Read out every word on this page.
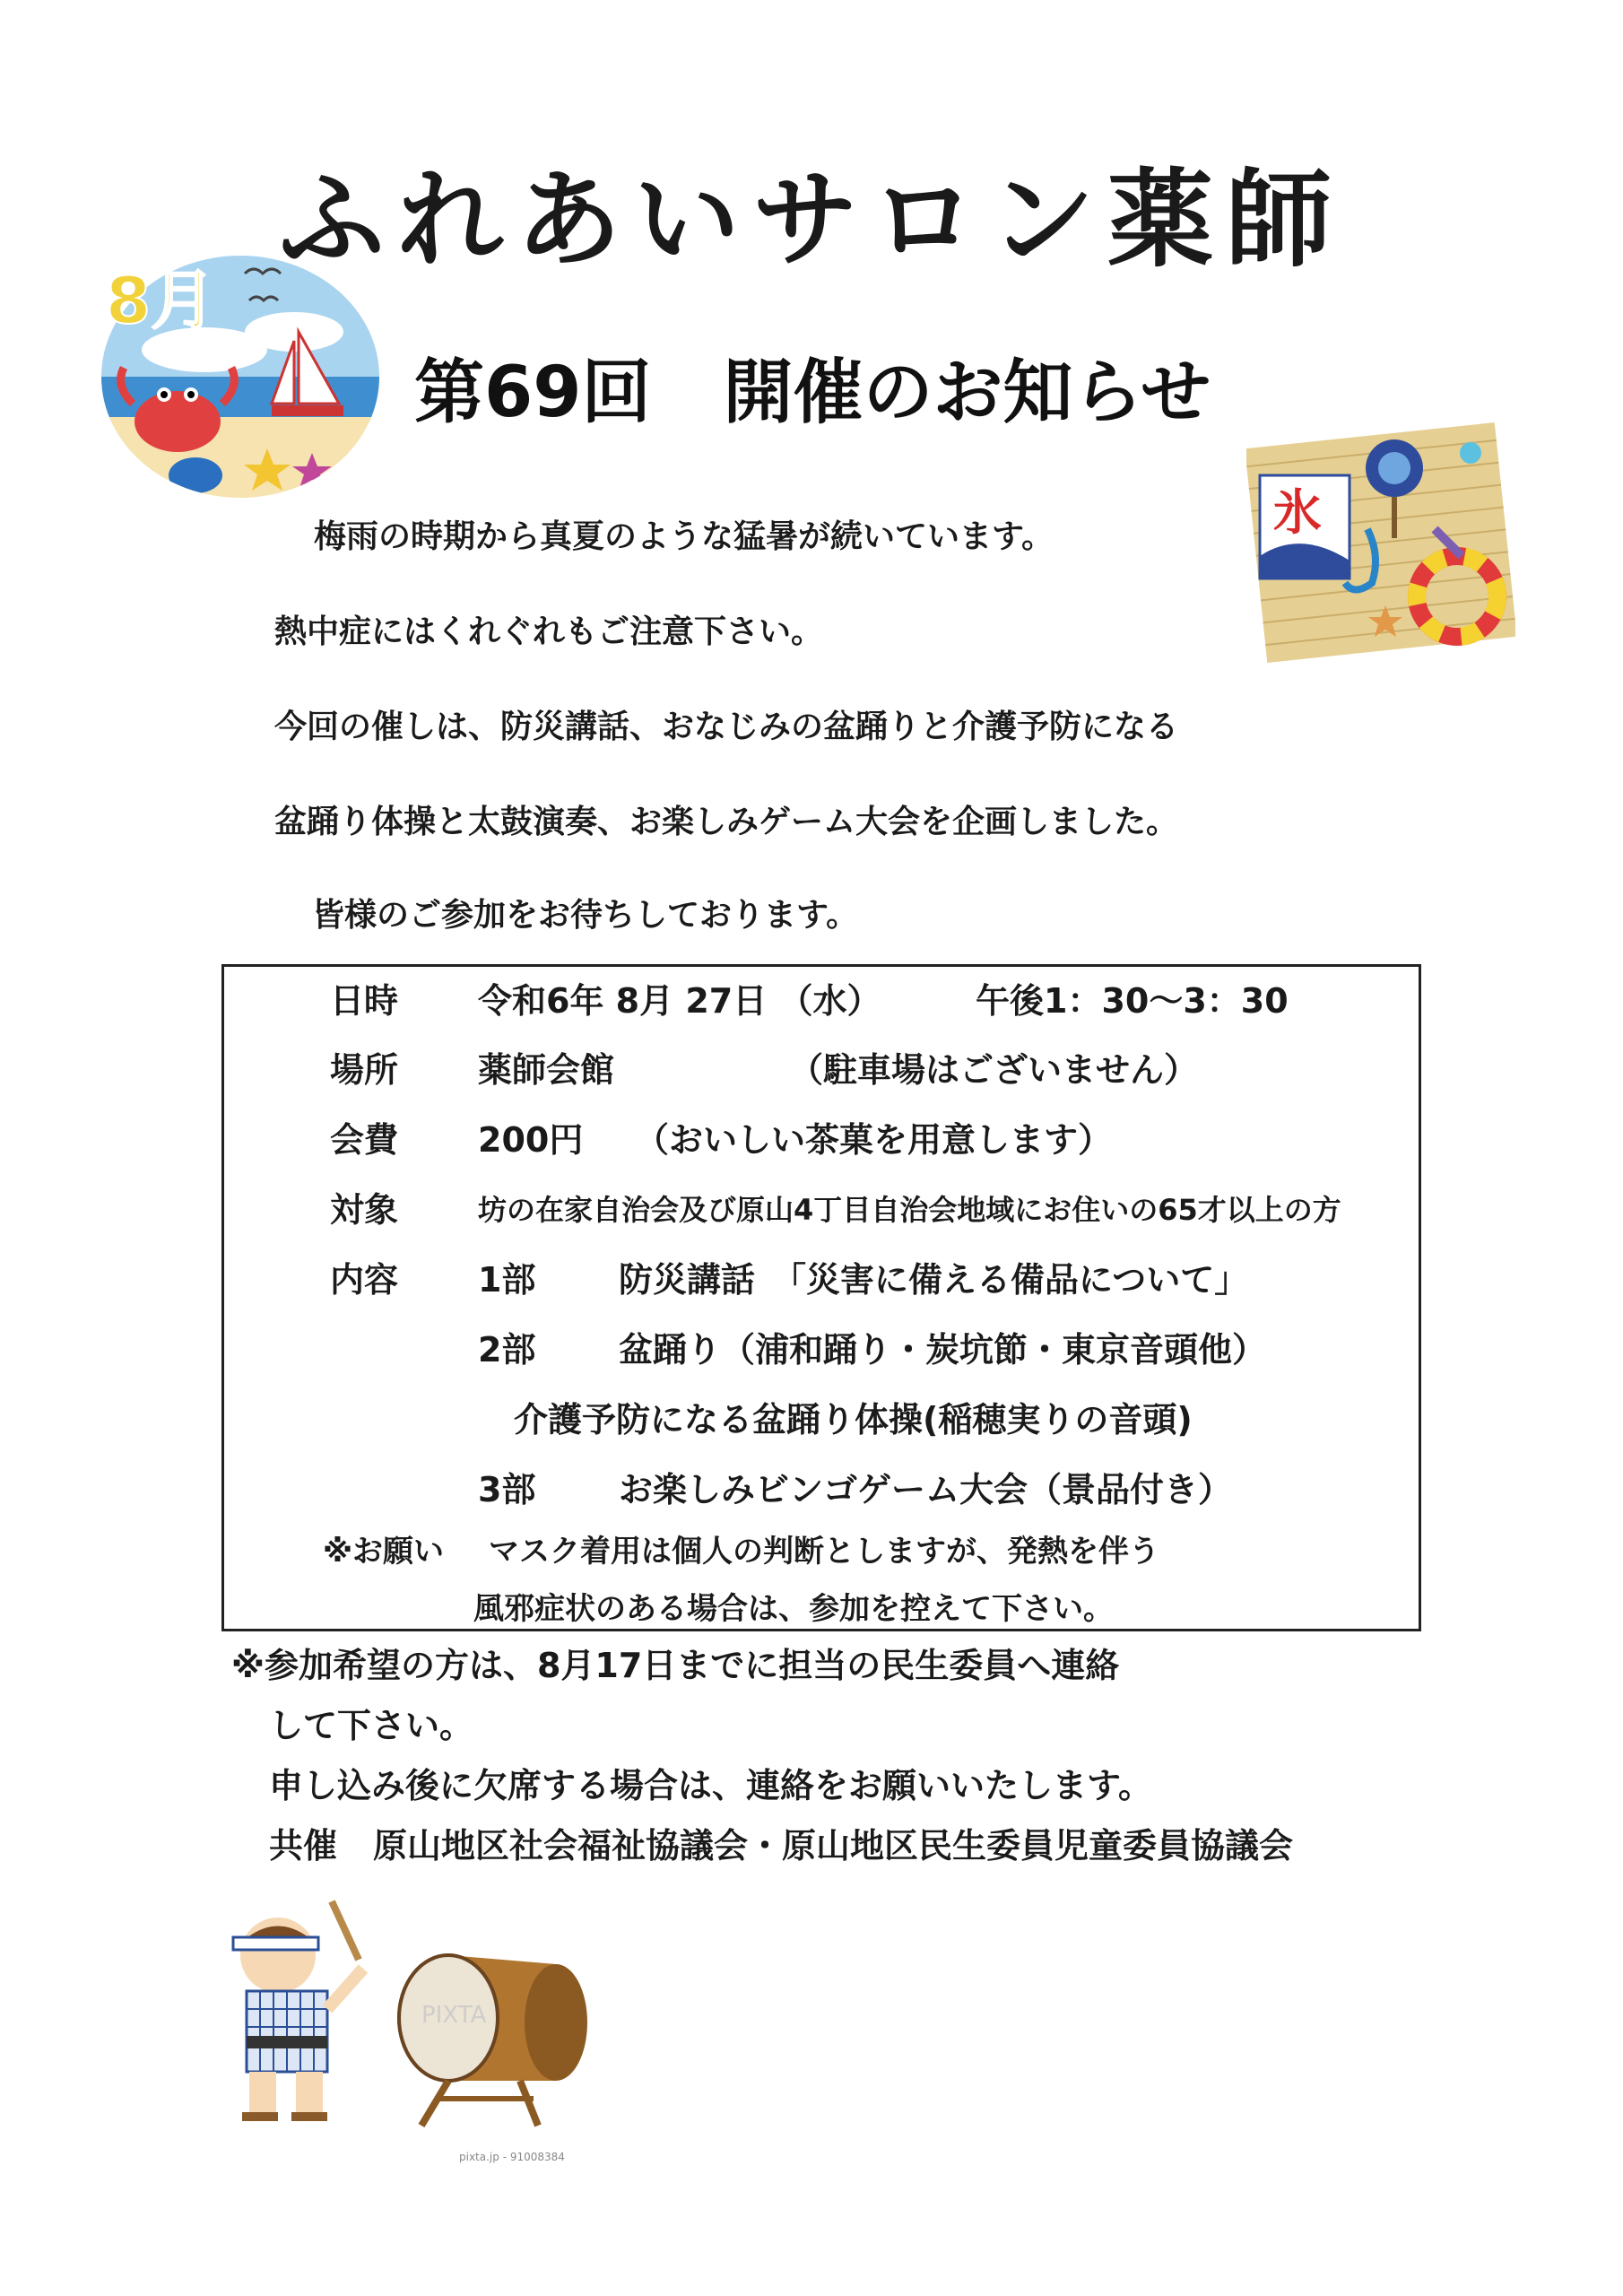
ふれあいサロン薬師
8月
第69回 開催のお知らせ
氷
梅雨の時期から真夏のような猛暑が続いています。
熱中症にはくれぐれもご注意下さい。
今回の催しは、防災講話、おなじみの盆踊りと介護予防になる
盆踊り体操と太鼓演奏、お楽しみゲーム大会を企画しました。
皆様のご参加をお待ちしております。
日時 令和6年 8月 27日 （水）	午後1：30～3：30
場所 薬師会館	（駐車場はございません）
会費 200円 （おいしい茶菓を用意します）
対象	坊の在家自治会及び原山4丁目自治会地域にお住いの65才以上の方
内容 1部 防災講話　「災害に備える備品について」
2部 盆踊り（浦和踊り・炭坑節・東京音頭他）
介護予防になる盆踊り体操(稲穂実りの音頭)
3部 お楽しみビンゴゲーム大会（景品付き）
※お願い マスク着用は個人の判断としますが、発熱を伴う
風邪症状のある場合は、参加を控えて下さい。
※参加希望の方は、8月17日までに担当の民生委員へ連絡
して下さい。
申し込み後に欠席する場合は、連絡をお願いいたします。
共催 原山地区社会福祉協議会・原山地区民生委員児童委員協議会
PIXTA
pixta.jp - 91008384
